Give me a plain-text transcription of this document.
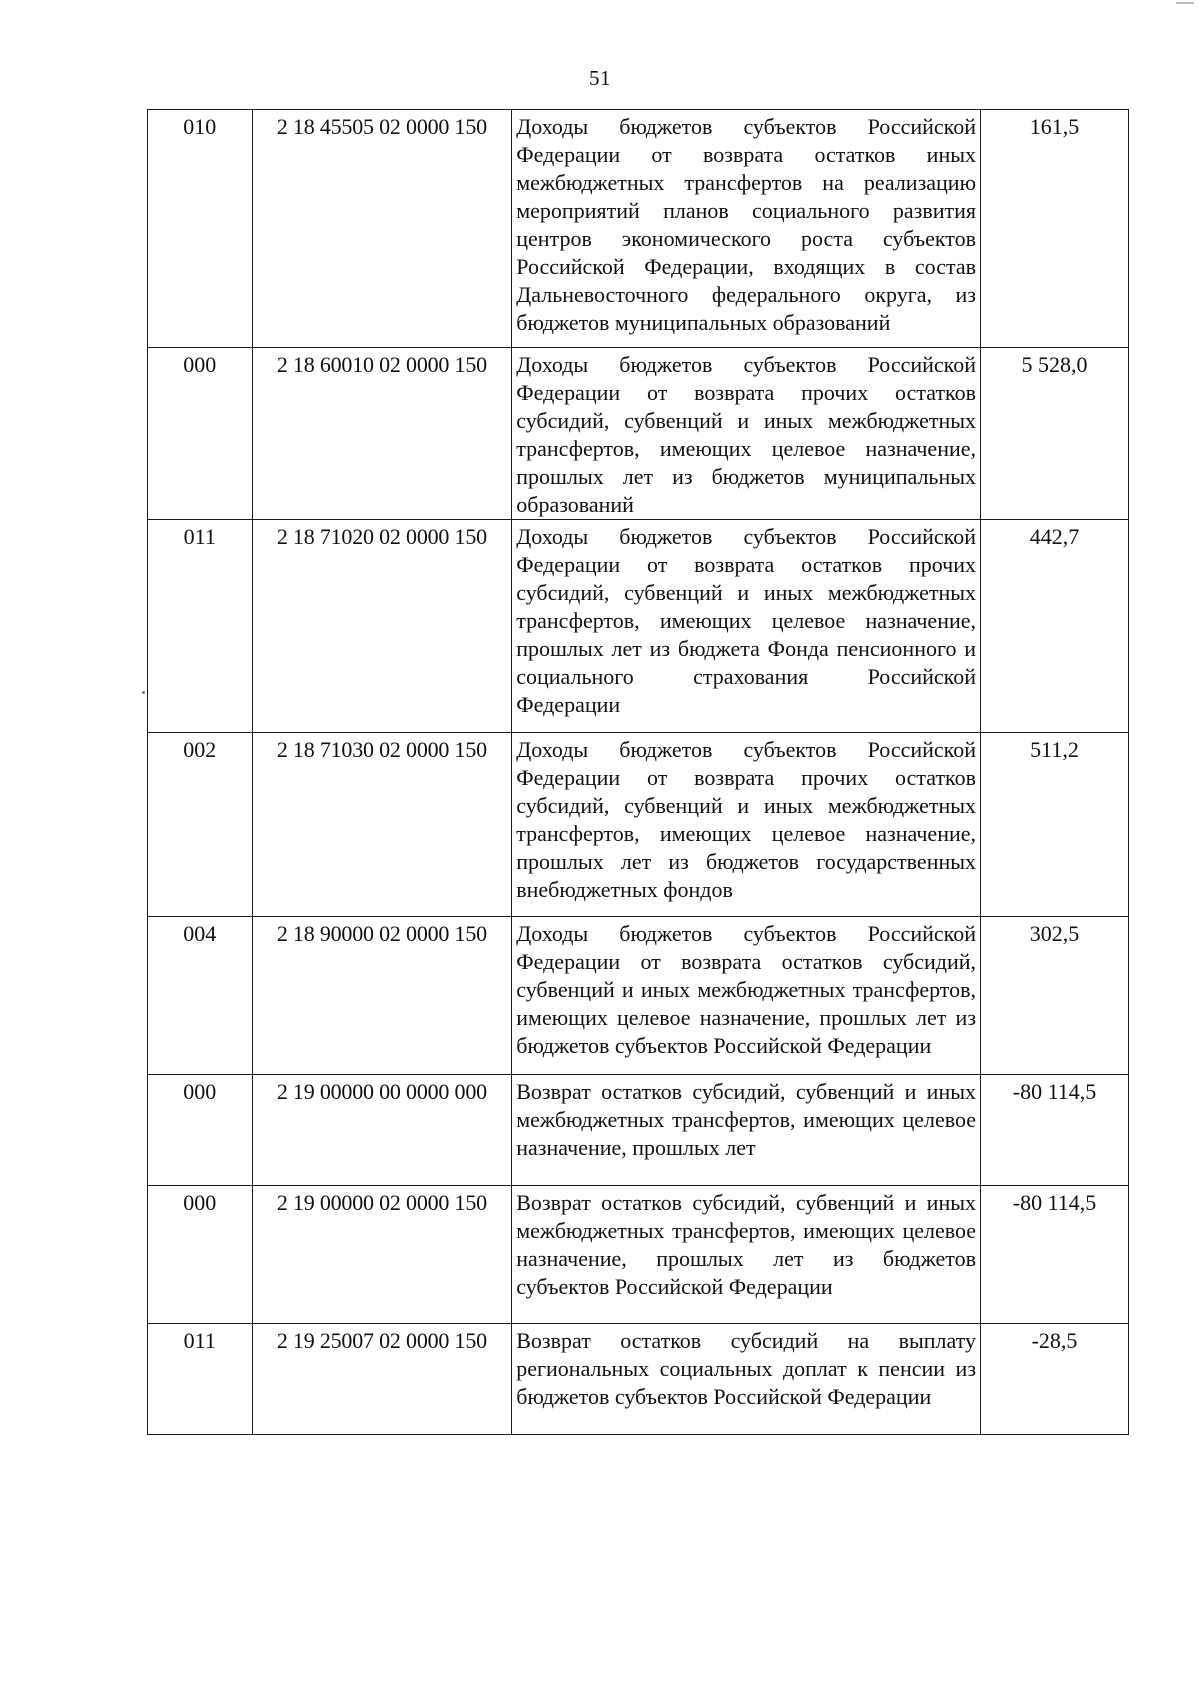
51
010	2 18 45505 02 0000 150	Доходы бюджетов субъектов Российской Федерации от возврата остатков иных межбюджетных трансфертов на реализацию мероприятий планов социального развития центров экономического роста субъектов Российской Федерации, входящих в состав Дальневосточного федерального округа, из бюджетов муниципальных образований	161,5
000	2 18 60010 02 0000 150	Доходы бюджетов субъектов Российской Федерации от возврата прочих остатков субсидий, субвенций и иных межбюджетных трансфертов, имеющих целевое назначение, прошлых лет из бюджетов муниципальных образований	5 528,0
011	2 18 71020 02 0000 150	Доходы бюджетов субъектов Российской Федерации от возврата остатков прочих субсидий, субвенций и иных межбюджетных трансфертов, имеющих целевое назначение, прошлых лет из бюджета Фонда пенсионного и социального страхования Российской Федерации	442,7
002	2 18 71030 02 0000 150	Доходы бюджетов субъектов Российской Федерации от возврата прочих остатков субсидий, субвенций и иных межбюджетных трансфертов, имеющих целевое назначение, прошлых лет из бюджетов государственных внебюджетных фондов	511,2
004	2 18 90000 02 0000 150	Доходы бюджетов субъектов Российской Федерации от возврата остатков субсидий, субвенций и иных межбюджетных трансфертов, имеющих целевое назначение, прошлых лет из бюджетов субъектов Российской Федерации	302,5
000	2 19 00000 00 0000 000	Возврат остатков субсидий, субвенций и иных межбюджетных трансфертов, имеющих целевое назначение, прошлых лет	-80 114,5
000	2 19 00000 02 0000 150	Возврат остатков субсидий, субвенций и иных межбюджетных трансфертов, имеющих целевое назначение, прошлых лет из бюджетов субъектов Российской Федерации	-80 114,5
011	2 19 25007 02 0000 150	Возврат остатков субсидий на выплату региональных социальных доплат к пенсии из бюджетов субъектов Российской Федерации	-28,5
